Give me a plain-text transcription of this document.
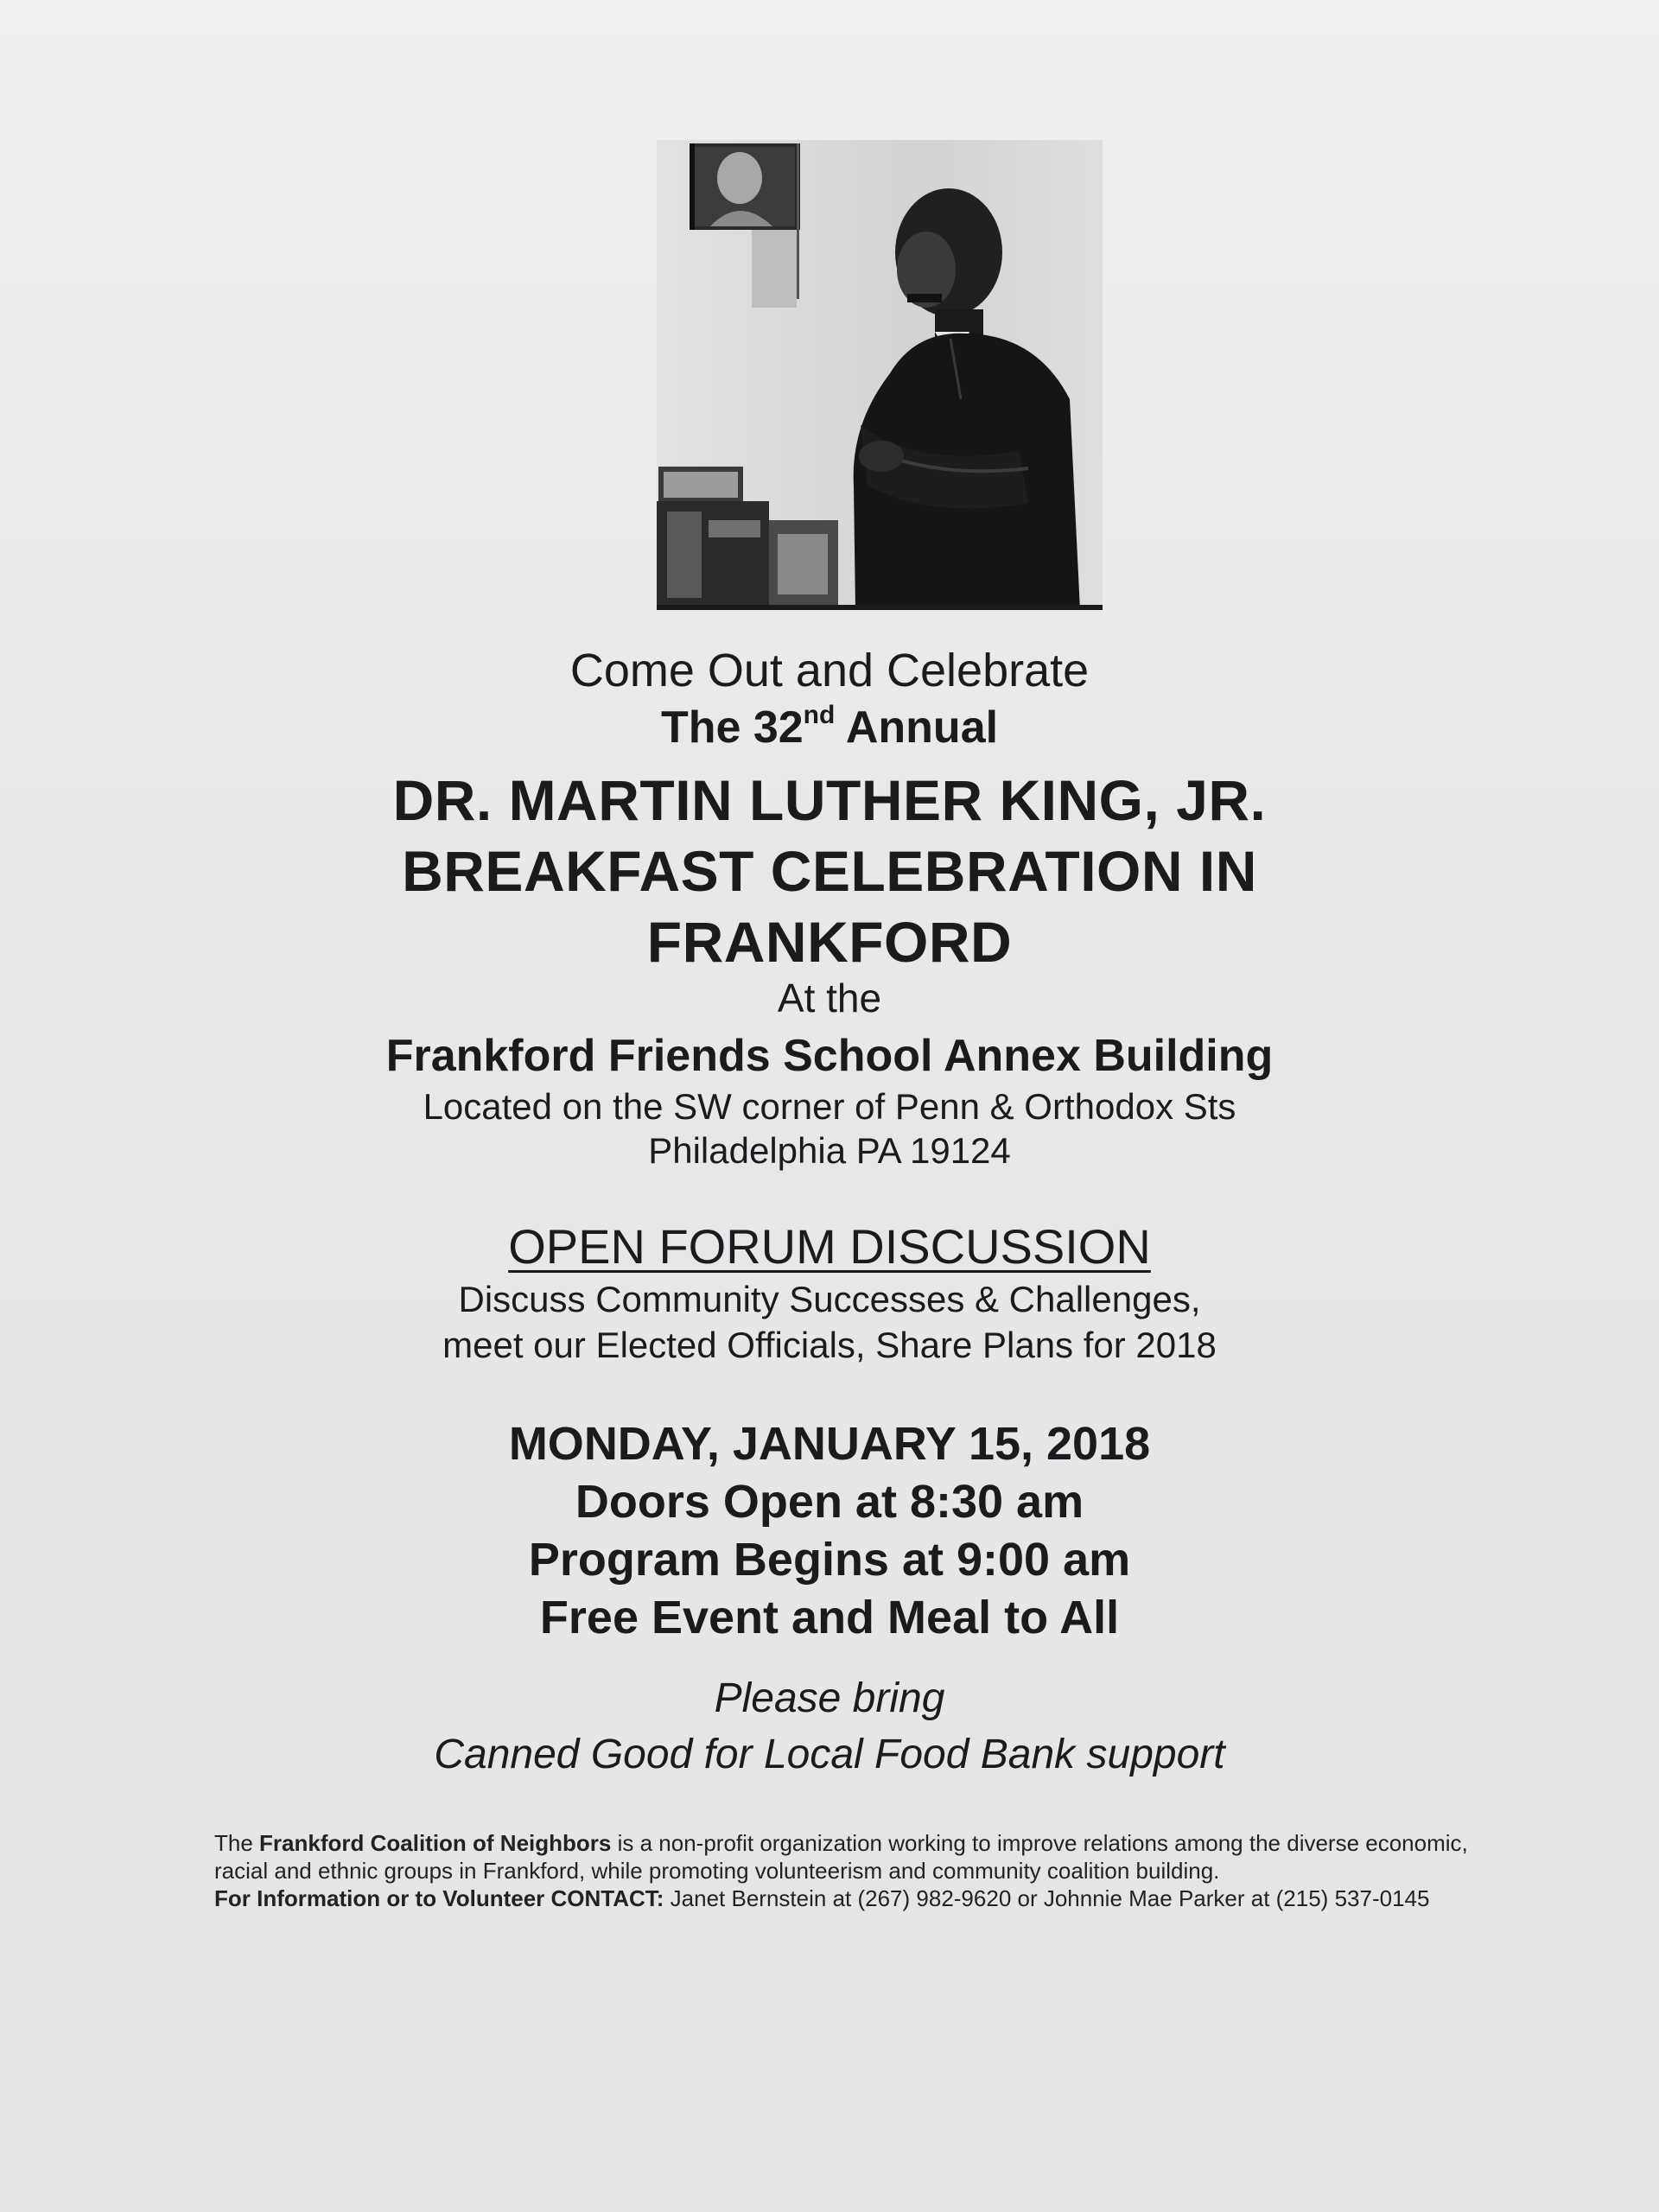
Come Out and Celebrate

The 32nd Annual

DR. MARTIN LUTHER KING, JR.
BREAKFAST CELEBRATION IN
FRANKFORD

At the

Frankford Friends School Annex Building

Located on the SW corner of Penn & Orthodox Sts

Philadelphia PA 19124

OPEN FORUM DISCUSSION

Discuss Community Successes & Challenges,

meet our Elected Officials, Share Plans for 2018

MONDAY, JANUARY 15, 2018

Doors Open at 8:30 am

Program Begins at 9:00 am

Free Event and Meal to All

Please bring

Canned Good for Local Food Bank support

The Frankford Coalition of Neighbors is a non-profit organization working to improve relations among the diverse economic, racial and ethnic groups in Frankford, while promoting volunteerism and community coalition building.

For Information or to Volunteer CONTACT: Janet Bernstein at (267) 982-9620 or Johnnie Mae Parker at (215) 537-0145
